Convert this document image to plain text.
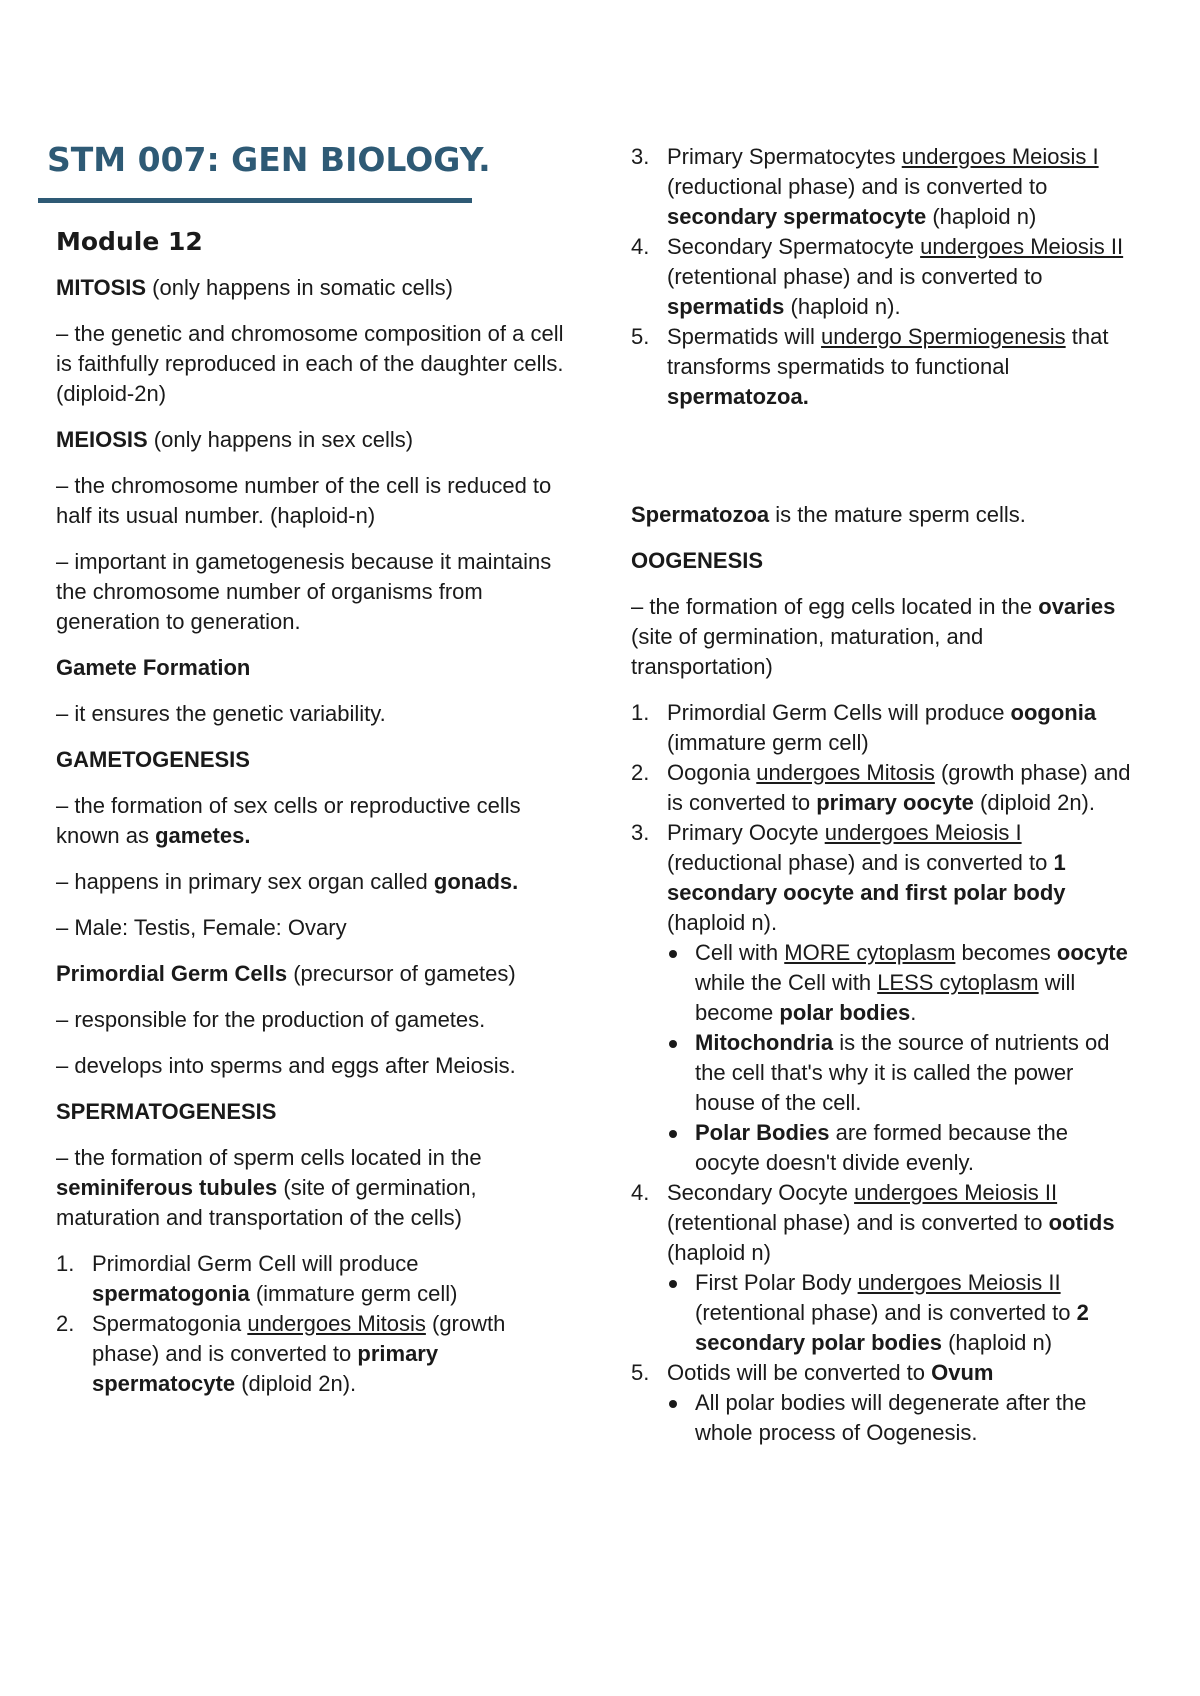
STM 007: GEN BIOLOGY.
Module 12

MITOSIS (only happens in somatic cells)

– the genetic and chromosome composition of a cell is faithfully reproduced in each of the daughter cells. (diploid-2n)

MEIOSIS (only happens in sex cells)

– the chromosome number of the cell is reduced to half its usual number. (haploid-n)

– important in gametogenesis because it maintains the chromosome number of organisms from generation to generation.

Gamete Formation

– it ensures the genetic variability.

GAMETOGENESIS

– the formation of sex cells or reproductive cells known as gametes.

– happens in primary sex organ called gonads.

– Male: Testis, Female: Ovary

Primordial Germ Cells (precursor of gametes)

– responsible for the production of gametes.

– develops into sperms and eggs after Meiosis.

SPERMATOGENESIS

– the formation of sperm cells located in the seminiferous tubules (site of germination, maturation and transportation of the cells)

1. Primordial Germ Cell will produce spermatogonia (immature germ cell)
2. Spermatogonia undergoes Mitosis (growth phase) and is converted to primary spermatocyte (diploid 2n).
3. Primary Spermatocytes undergoes Meiosis I (reductional phase) and is converted to secondary spermatocyte (haploid n)
4. Secondary Spermatocyte undergoes Meiosis II (retentional phase) and is converted to spermatids (haploid n).
5. Spermatids will undergo Spermiogenesis that transforms spermatids to functional spermatozoa.

Spermatozoa is the mature sperm cells.

OOGENESIS

– the formation of egg cells located in the ovaries (site of germination, maturation, and transportation)

1. Primordial Germ Cells will produce oogonia (immature germ cell)
2. Oogonia undergoes Mitosis (growth phase) and is converted to primary oocyte (diploid 2n).
3. Primary Oocyte undergoes Meiosis I (reductional phase) and is converted to 1 secondary oocyte and first polar body (haploid n).
Cell with MORE cytoplasm becomes oocyte while the Cell with LESS cytoplasm will become polar bodies.
Mitochondria is the source of nutrients od the cell that's why it is called the power house of the cell.
Polar Bodies are formed because the oocyte doesn't divide evenly.
4. Secondary Oocyte undergoes Meiosis II (retentional phase) and is converted to ootids (haploid n)
First Polar Body undergoes Meiosis II (retentional phase) and is converted to 2 secondary polar bodies (haploid n)
5. Ootids will be converted to Ovum
All polar bodies will degenerate after the whole process of Oogenesis.
